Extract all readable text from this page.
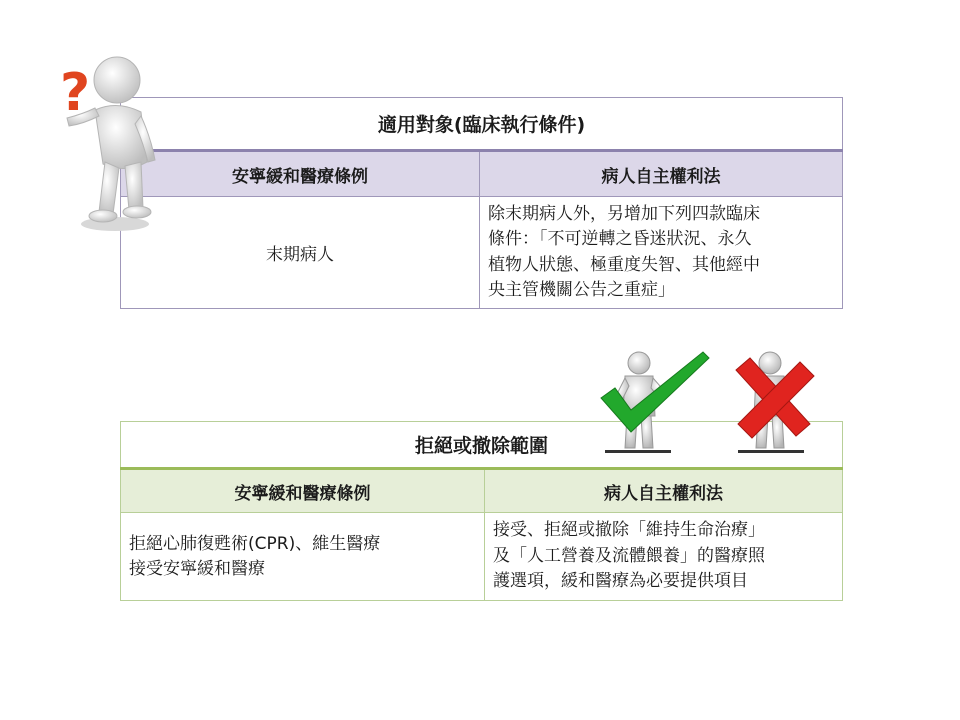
適用對象(臨床執行條件)	
安寧緩和醫療條例	病人自主權利法
末期病人	除末期病人外，另增加下列四款臨床
條件：「不可逆轉之昏迷狀況、永久
植物人狀態、極重度失智、其他經中
央主管機關公告之重症」
拒絕或撤除範圍	
安寧緩和醫療條例	病人自主權利法

拒絕心肺復甦術(CPR)、維生醫療
接受安寧緩和醫療	接受、拒絕或撤除「維持生命治療」
及「人工營養及流體餵養」的醫療照
護選項，緩和醫療為必要提供項目
?
